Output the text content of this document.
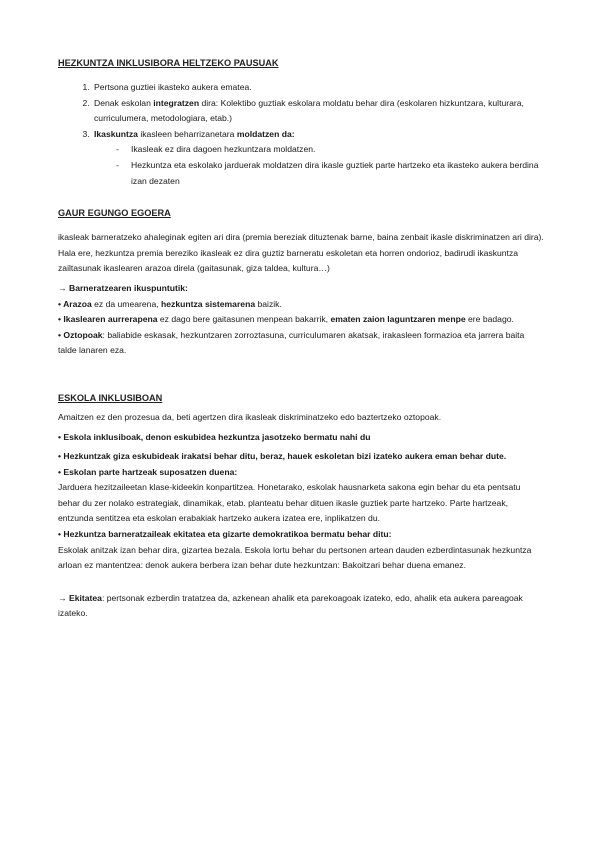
HEZKUNTZA INKLUSIBORA HELTZEKO PAUSUAK

1. Pertsona guztiei ikasteko aukera ematea.
2. Denak eskolan integratzen dira: Kolektibo guztiak eskolara moldatu behar dira (eskolaren hizkuntzara, kulturara, curriculumera, metodologiara, etab.)
3. Ikaskuntza ikasleen beharrizanetara moldatzen da:
- Ikasleak ez dira dagoen hezkuntzara moldatzen.
- Hezkuntza eta eskolako jarduerak moldatzen dira ikasle guztiek parte hartzeko eta ikasteko aukera berdina izan dezaten

GAUR EGUNGO EGOERA

ikasleak barneratzeko ahaleginak egiten ari dira (premia bereziak dituztenak barne, baina zenbait ikasle diskriminatzen ari dira). Hala ere, hezkuntza premia bereziko ikasleak ez dira guztiz barneratu eskoletan eta horren ondorioz, badirudi ikaskuntza zailtasunak ikaslearen arazoa direla (gaitasunak, giza taldea, kultura…)

→ Barneratzearen ikuspuntutik:

• Arazoa ez da umearena, hezkuntza sistemarena baizik.

• Ikaslearen aurrerapena ez dago bere gaitasunen menpean bakarrik, ematen zaion laguntzaren menpe ere badago.

• Oztopoak: baliabide eskasak, hezkuntzaren zorroztasuna, curriculumaren akatsak, irakasleen formazioa eta jarrera baita talde lanaren eza.

ESKOLA INKLUSIBOAN

Amaitzen ez den prozesua da, beti agertzen dira ikasleak diskriminatzeko edo baztertzeko oztopoak.

• Eskola inklusiboak, denon eskubidea hezkuntza jasotzeko bermatu nahi du

• Hezkuntzak giza eskubideak irakatsi behar ditu, beraz, hauek eskoletan bizi izateko aukera eman behar dute.

• Eskolan parte hartzeak suposatzen duena:

Jarduera hezitzaileetan klase-kideekin konpartitzea. Honetarako, eskolak hausnarketa sakona egin behar du eta pentsatu behar du zer nolako estrategiak, dinamikak, etab. planteatu behar dituen ikasle guztiek parte hartzeko. Parte hartzeak, entzunda sentitzea eta eskolan erabakiak hartzeko aukera izatea ere, inplikatzen du.

• Hezkuntza barneratzaileak ekitatea eta gizarte demokratikoa bermatu behar ditu:

Eskolak anitzak izan behar dira, gizartea bezala. Eskola lortu behar du pertsonen artean dauden ezberdintasunak hezkuntza arloan ez mantentzea: denok aukera berbera izan behar dute hezkuntzan: Bakoitzari behar duena emanez.

→ Ekitatea: pertsonak ezberdin tratatzea da, azkenean ahalik eta parekoagoak izateko, edo, ahalik eta aukera pareagoak izateko.
